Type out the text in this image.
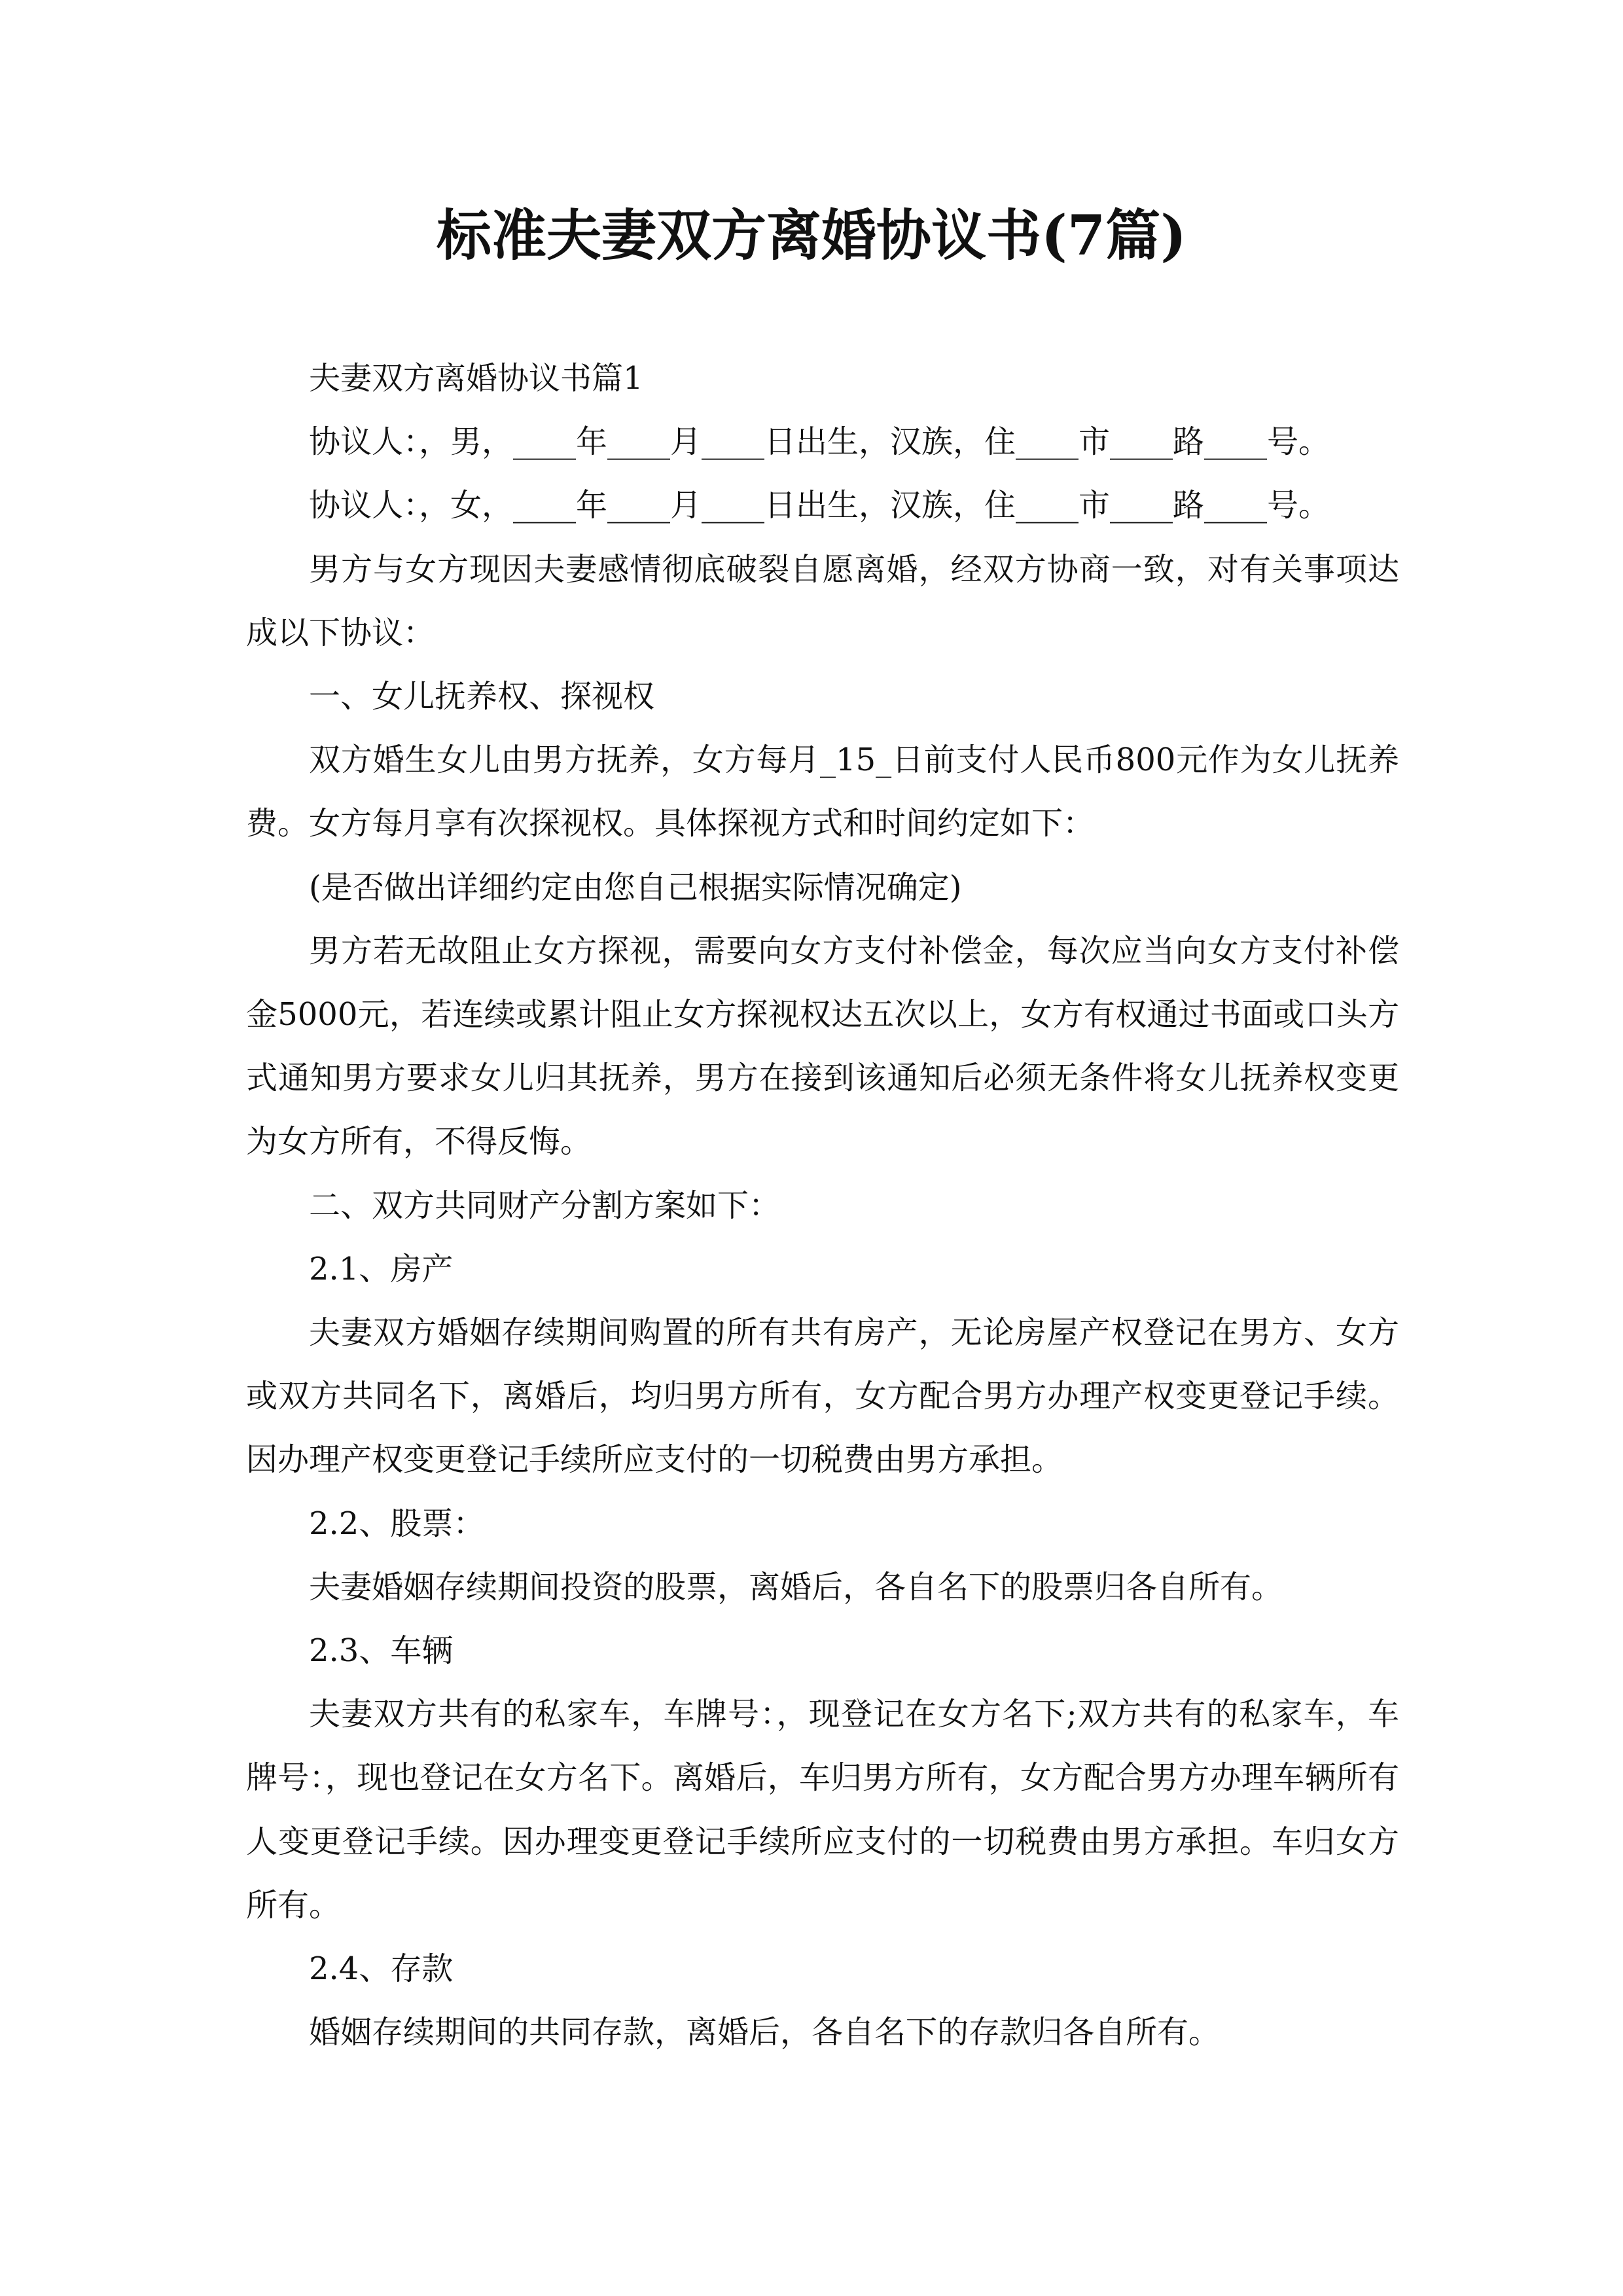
标准夫妻双方离婚协议书(7篇)

夫妻双方离婚协议书篇1

协议人：，男，____年____月____日出生，汉族，住____市____路____号。

协议人：，女，____年____月____日出生，汉族，住____市____路____号。

男方与女方现因夫妻感情彻底破裂自愿离婚，经双方协商一致，对有关事项达成以下协议：

一、女儿抚养权、探视权

双方婚生女儿由男方抚养，女方每月_15_日前支付人民币800元作为女儿抚养费。女方每月享有次探视权。具体探视方式和时间约定如下：

(是否做出详细约定由您自己根据实际情况确定)

男方若无故阻止女方探视，需要向女方支付补偿金，每次应当向女方支付补偿金5000元，若连续或累计阻止女方探视权达五次以上，女方有权通过书面或口头方式通知男方要求女儿归其抚养，男方在接到该通知后必须无条件将女儿抚养权变更为女方所有，不得反悔。

二、双方共同财产分割方案如下：

2.1、房产

夫妻双方婚姻存续期间购置的所有共有房产，无论房屋产权登记在男方、女方或双方共同名下，离婚后，均归男方所有，女方配合男方办理产权变更登记手续。因办理产权变更登记手续所应支付的一切税费由男方承担。

2.2、股票：

夫妻婚姻存续期间投资的股票，离婚后，各自名下的股票归各自所有。

2.3、车辆

夫妻双方共有的私家车，车牌号：，现登记在女方名下;双方共有的私家车，车牌号：，现也登记在女方名下。离婚后，车归男方所有，女方配合男方办理车辆所有人变更登记手续。因办理变更登记手续所应支付的一切税费由男方承担。车归女方所有。

2.4、存款

婚姻存续期间的共同存款，离婚后，各自名下的存款归各自所有。
